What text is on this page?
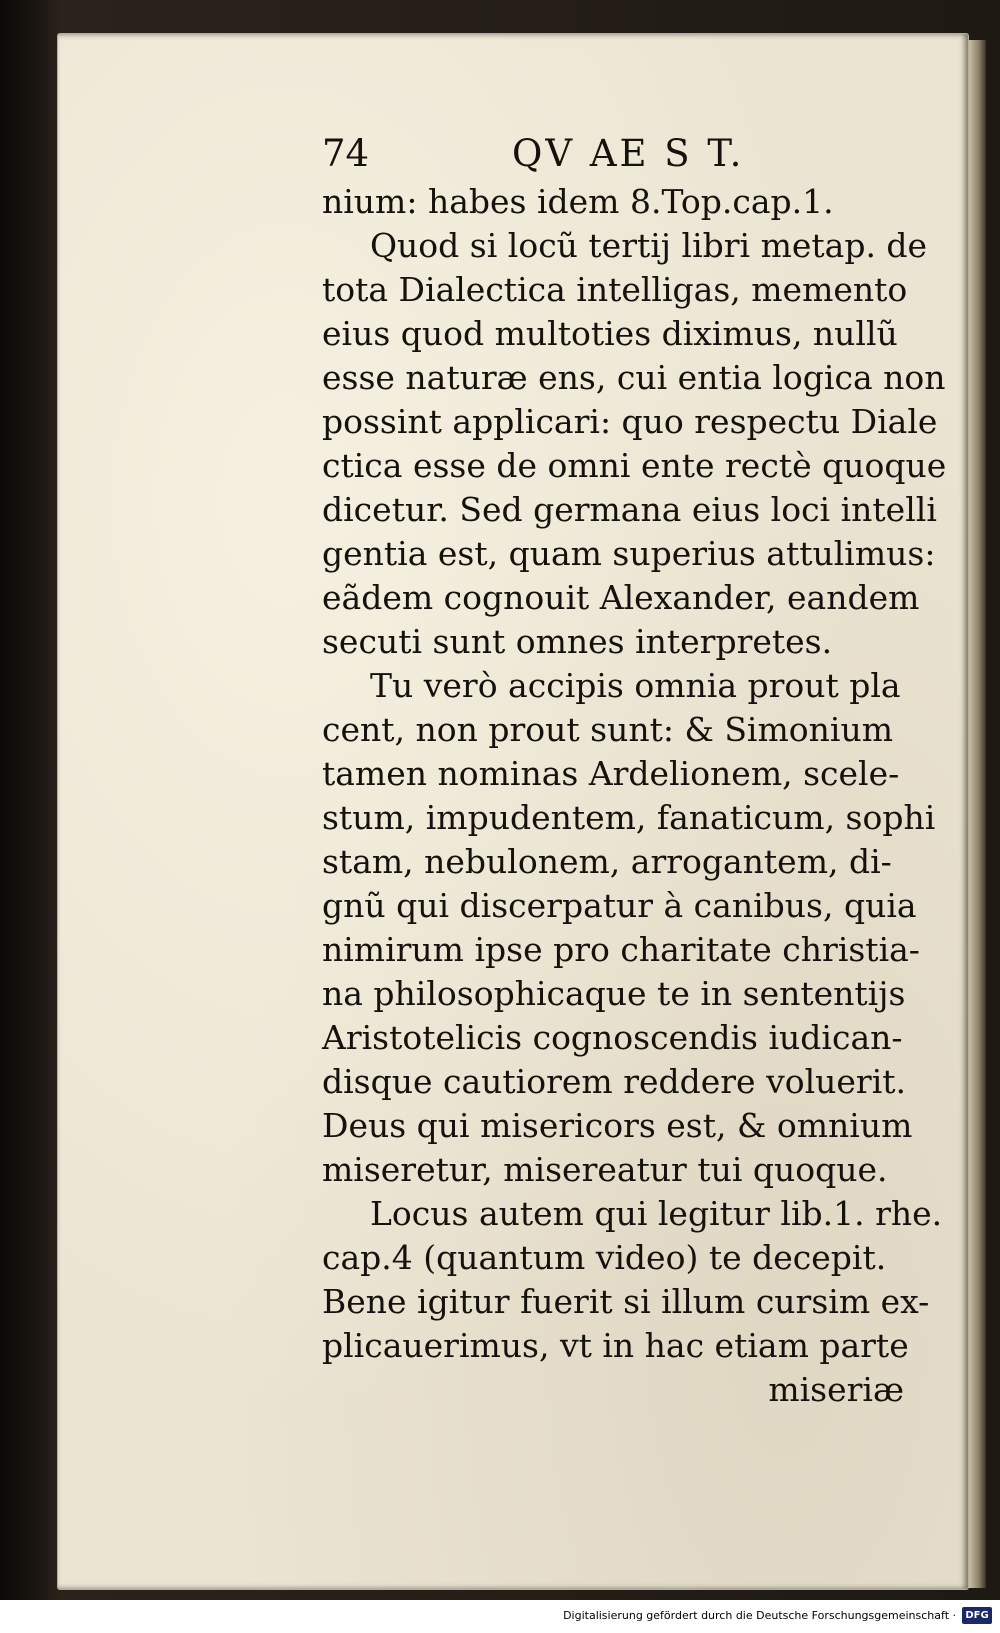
74	QV AE S T.
nium: habes idem 8.Top.cap.1.
Quod si locũ tertij libri metap. de
tota Dialectica intelligas, memento
eius quod multoties diximus, nullũ
esse naturæ ens, cui entia logica non
possint applicari: quo respectu Diale
ctica esse de omni ente rectè quoque
dicetur. Sed germana eius loci intelli
gentia est, quam superius attulimus:
eãdem cognouit Alexander, eandem
secuti sunt omnes interpretes.
Tu verò accipis omnia prout pla
cent, non prout sunt: & Simonium
tamen nominas Ardelionem, scele-
stum, impudentem, fanaticum, sophi
stam, nebulonem, arrogantem, di-
gnũ qui discerpatur à canibus, quia
nimirum ipse pro charitate christia-
na philosophicaque te in sententijs
Aristotelicis cognoscendis iudican-
disque cautiorem reddere voluerit.
Deus qui misericors est, & omnium
miseretur, misereatur tui quoque.
Locus autem qui legitur lib.1. rhe.
cap.4 (quantum video) te decepit.
Bene igitur fuerit si illum cursim ex-
plicauerimus, vt in hac etiam parte
miseriæ
Digitalisierung gefördert durch die Deutsche Forschungsgemeinschaft · DFG
